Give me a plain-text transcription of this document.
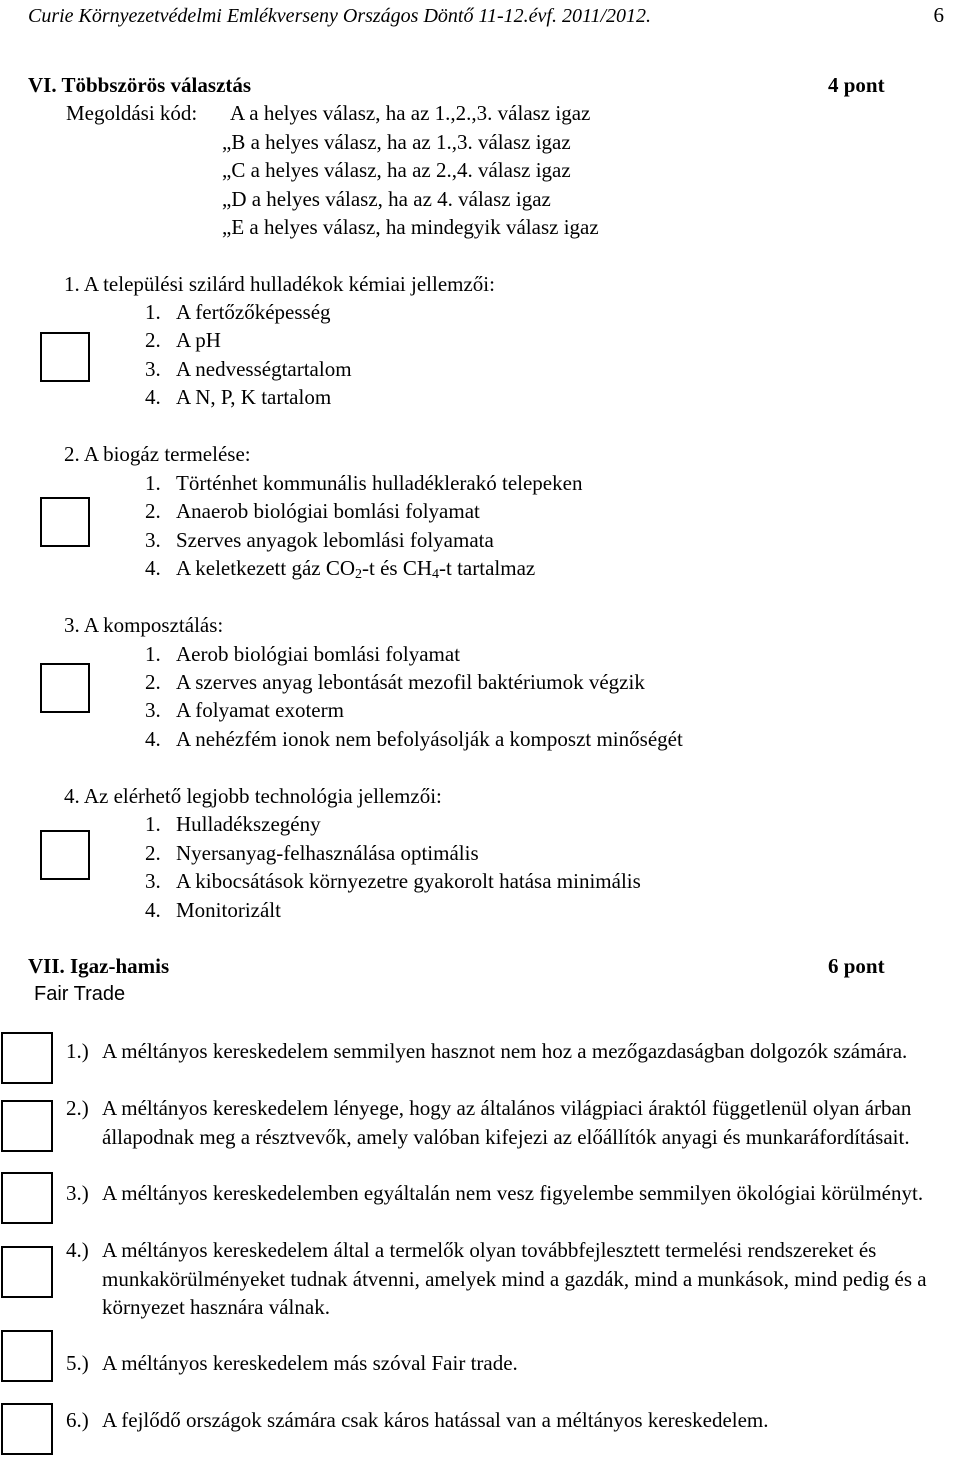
Curie Környezetvédelmi Emlékverseny Országos Döntő 11-12.évf. 2011/2012.	6
VI. Többszörös választás	4 pont
Megoldási kód: A a helyes válasz, ha az 1.,2.,3. válasz igaz
„B a helyes válasz, ha az 1.,3. válasz igaz
„C a helyes válasz, ha az 2.,4. válasz igaz
„D a helyes válasz, ha az 4. válasz igaz
„E a helyes válasz, ha mindegyik válasz igaz
1. A települési szilárd hulladékok kémiai jellemzői:
1. A fertőzőképesség
2. A pH
3. A nedvességtartalom
4. A N, P, K tartalom
2. A biogáz termelése:
1. Történhet kommunális hulladéklerakó telepeken
2. Anaerob biológiai bomlási folyamat
3. Szerves anyagok lebomlási folyamata
4. A keletkezett gáz $CO_2-t$ és $CH_4-t$ tartalmaz
3. A komposztálás:
1. Aerob biológiai bomlási folyamat
2. A szerves anyag lebontását mezofil baktériumok végzik
3. A folyamat exoterm
4. A nehézfém ionok nem befolyásolják a komposzt minőségét
4. Az elérhető legjobb technológia jellemzői:
1. Hulladékszegény
2. Nyersanyag-felhasználása optimális
3. A kibocsátások környezetre gyakorolt hatása minimális
4. Monitorizált
VII. Igaz-hamis	6 pont
Fair Trade
1.) A méltányos kereskedelem semmilyen hasznot nem hoz a mezőgazdaságban dolgozók számára.
2.) A méltányos kereskedelem lényege, hogy az általános világpiaci áraktól függetlenül olyan árban állapodnak meg a résztvevők, amely valóban kifejezi az előállítók anyagi és munkaráfordításait.
3.) A méltányos kereskedelemben egyáltalán nem vesz figyelembe semmilyen ökológiai körülményt.
4.) A méltányos kereskedelem által a termelők olyan továbbfejlesztett termelési rendszereket és munkakörülményeket tudnak átvenni, amelyek mind a gazdák, mind a munkások, mind pedig és a környezet hasznára válnak.
5.) A méltányos kereskedelem más szóval Fair trade.
6.) A fejlődő országok számára csak káros hatással van a méltányos kereskedelem.
